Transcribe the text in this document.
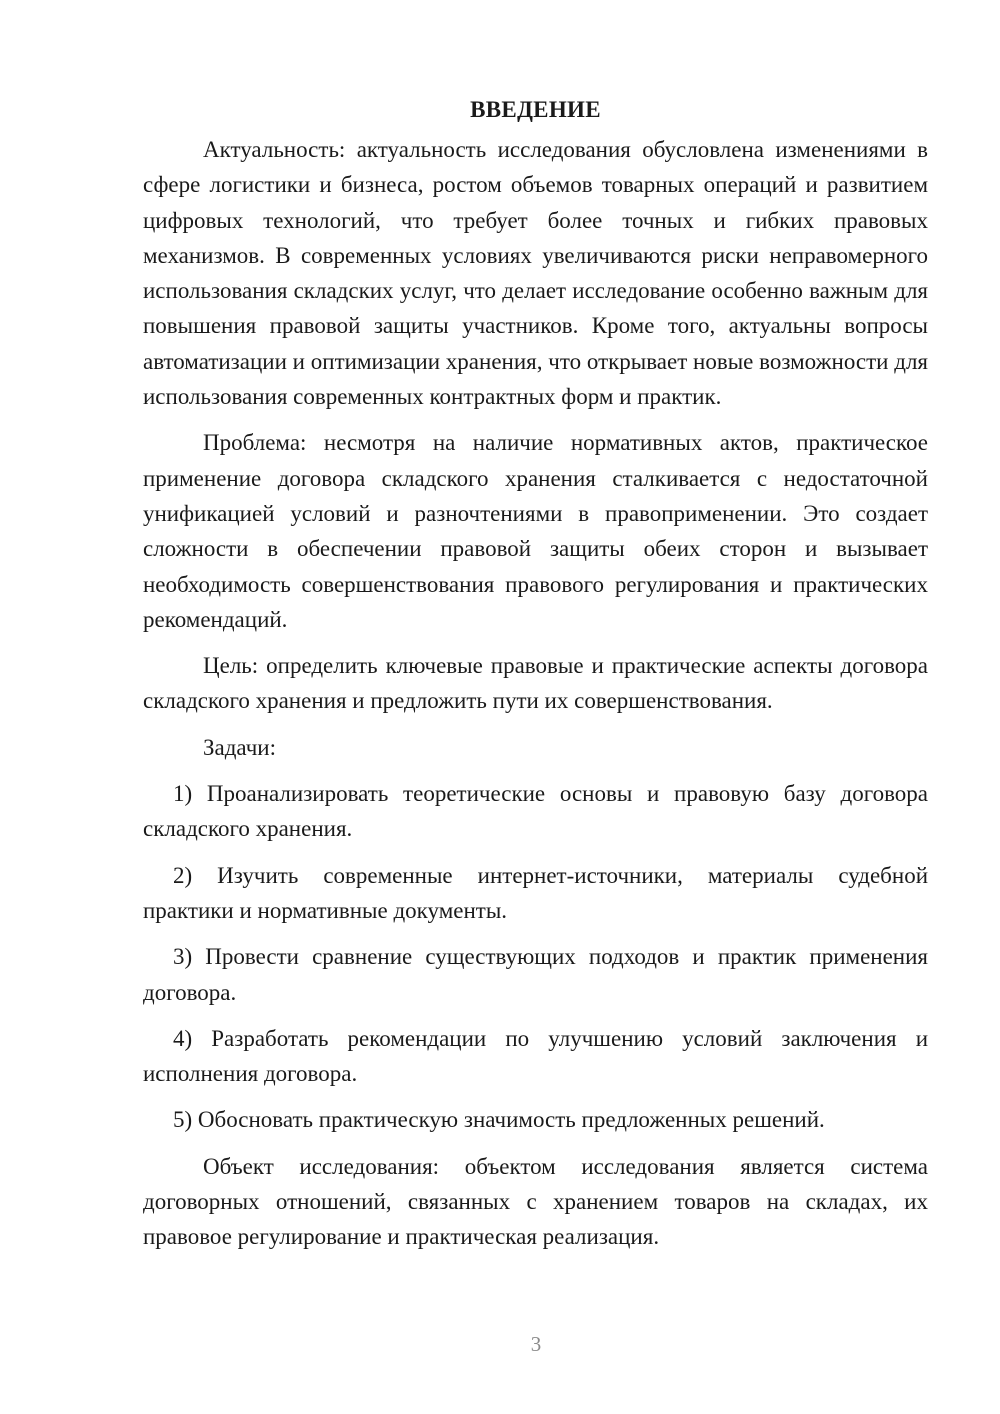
ВВЕДЕНИЕ

Актуальность: актуальность исследования обусловлена изменениями в сфере логистики и бизнеса, ростом объемов товарных операций и развитием цифровых технологий, что требует более точных и гибких правовых механизмов. В современных условиях увеличиваются риски неправомерного использования складских услуг, что делает исследование особенно важным для повышения правовой защиты участников. Кроме того, актуальны вопросы автоматизации и оптимизации хранения, что открывает новые возможности для использования современных контрактных форм и практик.

Проблема: несмотря на наличие нормативных актов, практическое применение договора складского хранения сталкивается с недостаточной унификацией условий и разночтениями в правоприменении. Это создает сложности в обеспечении правовой защиты обеих сторон и вызывает необходимость совершенствования правового регулирования и практических рекомендаций.

Цель: определить ключевые правовые и практические аспекты договора складского хранения и предложить пути их совершенствования.

Задачи:

1) Проанализировать теоретические основы и правовую базу договора складского хранения.

2) Изучить современные интернет-источники, материалы судебной практики и нормативные документы.

3) Провести сравнение существующих подходов и практик применения договора.

4) Разработать рекомендации по улучшению условий заключения и исполнения договора.

5) Обосновать практическую значимость предложенных решений.

Объект исследования: объектом исследования является система договорных отношений, связанных с хранением товаров на складах, их правовое регулирование и практическая реализация.

3
